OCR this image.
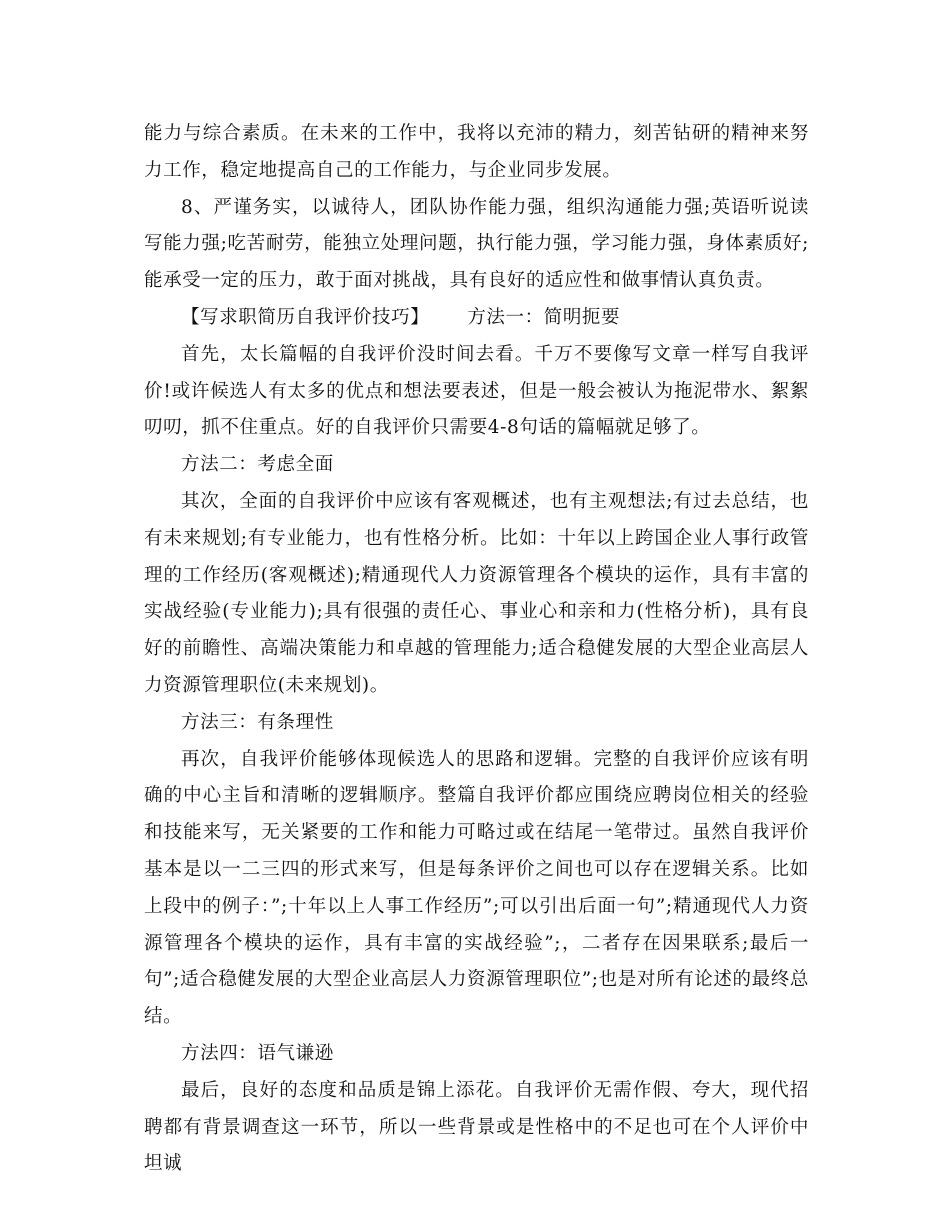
能力与综合素质。在未来的工作中，我将以充沛的精力，刻苦钻研的精神来努力工作，稳定地提高自己的工作能力，与企业同步发展。

8、严谨务实，以诚待人，团队协作能力强，组织沟通能力强;英语听说读写能力强;吃苦耐劳，能独立处理问题，执行能力强，学习能力强，身体素质好;能承受一定的压力，敢于面对挑战，具有良好的适应性和做事情认真负责。

【写求职简历自我评价技巧】 方法一：简明扼要

首先，太长篇幅的自我评价没时间去看。千万不要像写文章一样写自我评价!或许候选人有太多的优点和想法要表述，但是一般会被认为拖泥带水、絮絮叨叨，抓不住重点。好的自我评价只需要4-8句话的篇幅就足够了。

方法二：考虑全面

其次，全面的自我评价中应该有客观概述，也有主观想法;有过去总结，也有未来规划;有专业能力，也有性格分析。比如：十年以上跨国企业人事行政管理的工作经历(客观概述);精通现代人力资源管理各个模块的运作，具有丰富的实战经验(专业能力);具有很强的责任心、事业心和亲和力(性格分析)，具有良好的前瞻性、高端决策能力和卓越的管理能力;适合稳健发展的大型企业高层人力资源管理职位(未来规划)。

方法三：有条理性

再次，自我评价能够体现候选人的思路和逻辑。完整的自我评价应该有明确的中心主旨和清晰的逻辑顺序。整篇自我评价都应围绕应聘岗位相关的经验和技能来写，无关紧要的工作和能力可略过或在结尾一笔带过。虽然自我评价基本是以一二三四的形式来写，但是每条评价之间也可以存在逻辑关系。比如上段中的例子：”;十年以上人事工作经历”;可以引出后面一句”;精通现代人力资源管理各个模块的运作，具有丰富的实战经验”;，二者存在因果联系;最后一句”;适合稳健发展的大型企业高层人力资源管理职位”;也是对所有论述的最终总结。

方法四：语气谦逊

最后，良好的态度和品质是锦上添花。自我评价无需作假、夸大，现代招聘都有背景调查这一环节，所以一些背景或是性格中的不足也可在个人评价中坦诚
